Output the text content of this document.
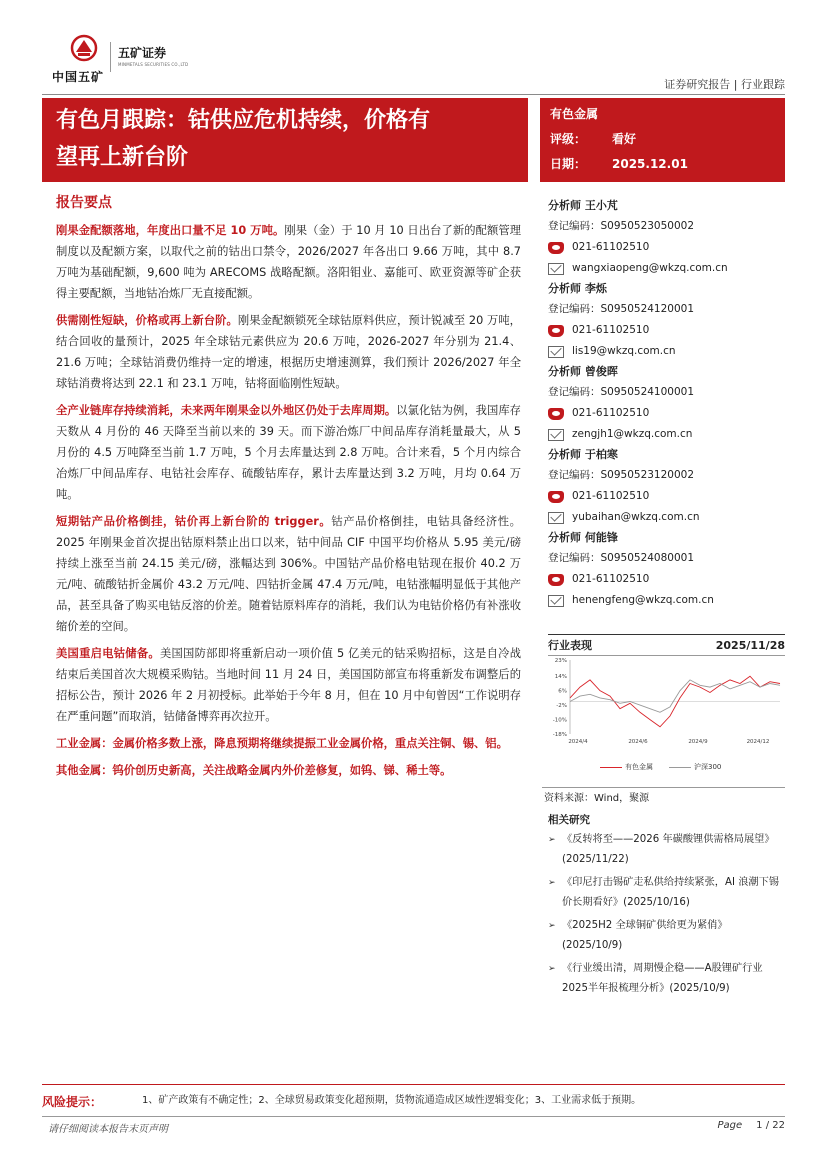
中国五矿
五矿证券
MINMETALS SECURITIES CO.,LTD
证券研究报告 | 行业跟踪
有色月跟踪：钴供应危机持续，价格有
望再上新台阶
有色金属
评级： 看好
日期： 2025.12.01
报告要点

刚果金配额落地，年度出口量不足 10 万吨。刚果（金）于 10 月 10 日出台了新的配额管理制度以及配额方案，以取代之前的钴出口禁令，2026/2027 年各出口 9.66 万吨，其中 8.7 万吨为基础配额，9,600 吨为 ARECOMS 战略配额。洛阳钼业、嘉能可、欧亚资源等矿企获得主要配额，当地钴冶炼厂无直接配额。

供需刚性短缺，价格或再上新台阶。刚果金配额锁死全球钴原料供应，预计锐减至 20 万吨，结合回收的量预计，2025 年全球钴元素供应为 20.6 万吨，2026-2027 年分别为 21.4、21.6 万吨；全球钴消费仍维持一定的增速，根据历史增速测算，我们预计 2026/2027 年全球钴消费将达到 22.1 和 23.1 万吨，钴将面临刚性短缺。

全产业链库存持续消耗，未来两年刚果金以外地区仍处于去库周期。以氯化钴为例，我国库存天数从 4 月份的 46 天降至当前以来的 39 天。而下游冶炼厂中间品库存消耗量最大，从 5 月份的 4.5 万吨降至当前 1.7 万吨，5 个月去库量达到 2.8 万吨。合计来看，5 个月内综合冶炼厂中间品库存、电钴社会库存、硫酸钴库存，累计去库量达到 3.2 万吨，月均 0.64 万吨。

短期钴产品价格倒挂，钴价再上新台阶的 trigger。钴产品价格倒挂，电钴具备经济性。2025 年刚果金首次提出钴原料禁止出口以来，钴中间品 CIF 中国平均价格从 5.95 美元/磅持续上涨至当前 24.15 美元/磅，涨幅达到 306%。中国钴产品价格电钴现在报价 40.2 万元/吨、硫酸钴折金属价 43.2 万元/吨、四钴折金属 47.4 万元/吨，电钴涨幅明显低于其他产品，甚至具备了购买电钴反溶的价差。随着钴原料库存的消耗，我们认为电钴价格仍有补涨收缩价差的空间。

美国重启电钴储备。美国国防部即将重新启动一项价值 5 亿美元的钴采购招标，这是自冷战结束后美国首次大规模采购钴。当地时间 11 月 24 日，美国国防部宣布将重新发布调整后的招标公告，预计 2026 年 2 月初授标。此举始于今年 8 月，但在 10 月中旬曾因“工作说明存在严重问题”而取消，钴储备博弈再次拉开。

工业金属：金属价格多数上涨，降息预期将继续提振工业金属价格，重点关注铜、锡、铝。

其他金属：钨价创历史新高，关注战略金属内外价差修复，如钨、锑、稀土等。

分析师 王小芃
登记编码：S0950523050002
021-61102510
wangxiaopeng@wkzq.com.cn
分析师 李烁
登记编码：S0950524120001
021-61102510
lis19@wkzq.com.cn
分析师 曾俊晖
登记编码：S0950524100001
021-61102510
zengjh1@wkzq.com.cn
分析师 于柏寒
登记编码：S0950523120002
021-61102510
yubaihan@wkzq.com.cn
分析师 何能锋
登记编码：S0950524080001
021-61102510
henengfeng@wkzq.com.cn
行业表现	2025/11/28
23%
14%
6%
-2%
-10%
-18%
2024/4	2024/6	2024/9	2024/12
有色金属	沪深300
资料来源：Wind，聚源
相关研究
➢ 《反转将至——2026 年碳酸锂供需格局展望》(2025/11/22)
➢ 《印尼打击锡矿走私供给持续紧张，AI 浪潮下锡价长期看好》(2025/10/16)
➢ 《2025H2 全球铜矿供给更为紧俏》(2025/10/9)
➢ 《行业缓出清，周期慢企稳——A股锂矿行业2025半年报梳理分析》(2025/10/9)
风险提示：	1、矿产政策有不确定性；2、全球贸易政策变化超预期，货物流通造成区域性逻辑变化；3、工业需求低于预期。
请仔细阅读本报告末页声明	Page 1 / 22
